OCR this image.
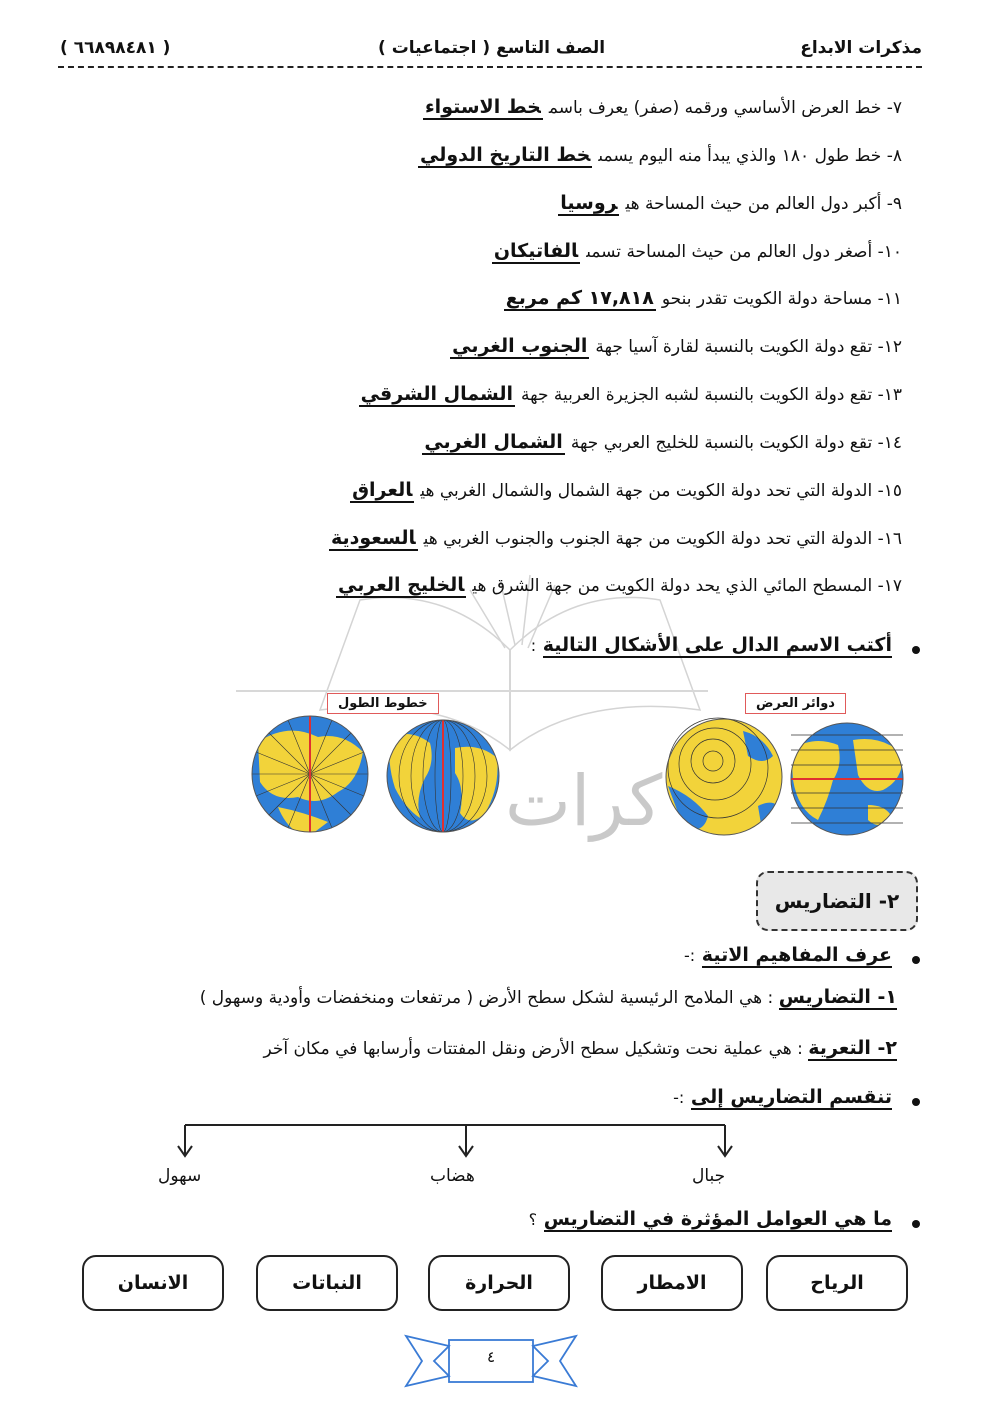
مذكرات الابداع
الصف التاسع ( اجتماعيات )
( ٦٦٨٩٨٤٨١ )
كرات
٧- خط العرض الأساسي ورقمه (صفر) يعرف باسمخط الاستواء
٨- خط طول ١٨٠ والذي يبدأ منه اليوم يسمىخط التاريخ الدولي
٩- أكبر دول العالم من حيث المساحة هيروسيا
١٠- أصغر دول العالم من حيث المساحة تسمىالفاتيكان
١١- مساحة دولة الكويت تقدر بنحو١٧,٨١٨ كم مربع
١٢- تقع دولة الكويت بالنسبة لقارة آسيا جهةالجنوب الغربي
١٣- تقع دولة الكويت بالنسبة لشبه الجزيرة العربية جهةالشمال الشرقي
١٤- تقع دولة الكويت بالنسبة للخليج العربي جهةالشمال الغربي
١٥- الدولة التي تحد دولة الكويت من جهة الشمال والشمال الغربي هيالعراق
١٦- الدولة التي تحد دولة الكويت من جهة الجنوب والجنوب الغربي هيالسعودية
١٧- المسطح المائي الذي يحد دولة الكويت من جهة الشرق هيالخليج العربي
أكتب الاسم الدال على الأشكال التالية :
خطوط الطول	دوائر العرض
٢- التضاريس
عرف المفاهيم الاتية :-
١- التضاريس : هي الملامح الرئيسية لشكل سطح الأرض ( مرتفعات ومنخفضات وأودية وسهول )
٢- التعرية : هي عملية نحت وتشكيل سطح الأرض ونقل المفتتات وأرسابها في مكان آخر
تنقسم التضاريس إلى :-
جبال
هضاب
سهول
ما هي العوامل المؤثرة في التضاريس ؟
الرياح
الامطار
الحرارة
النباتات
الانسان
٤
